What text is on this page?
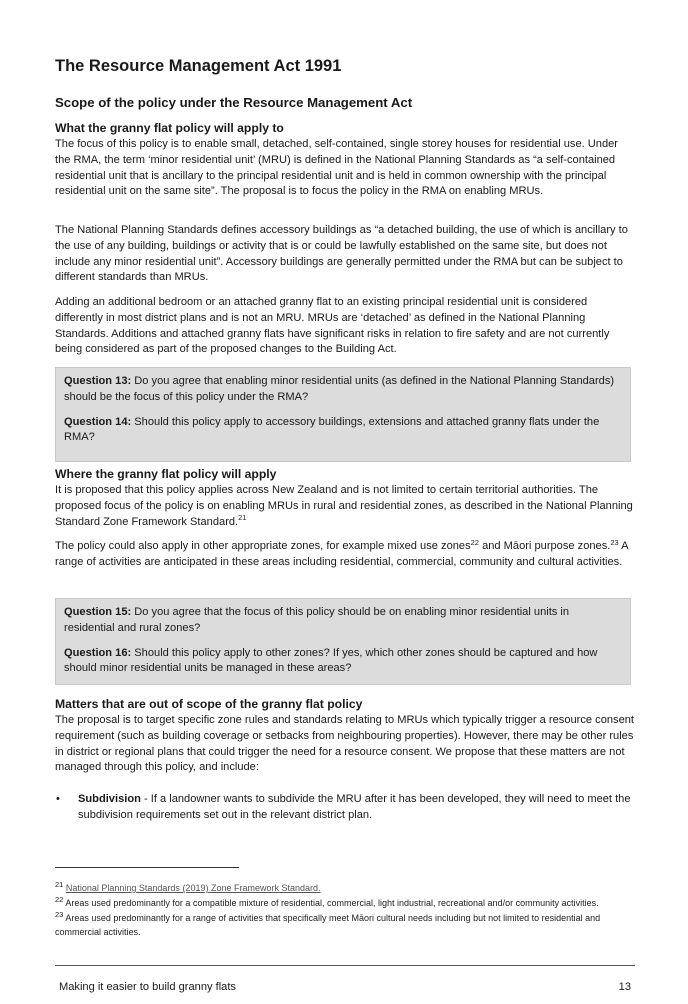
The Resource Management Act 1991
Scope of the policy under the Resource Management Act
What the granny flat policy will apply to

The focus of this policy is to enable small, detached, self-contained, single storey houses for residential use. Under the RMA, the term ‘minor residential unit’ (MRU) is defined in the National Planning Standards as “a self-contained residential unit that is ancillary to the principal residential unit and is held in common ownership with the principal residential unit on the same site”. The proposal is to focus the policy in the RMA on enabling MRUs.

The National Planning Standards defines accessory buildings as “a detached building, the use of which is ancillary to the use of any building, buildings or activity that is or could be lawfully established on the same site, but does not include any minor residential unit”. Accessory buildings are generally permitted under the RMA but can be subject to different standards than MRUs.

Adding an additional bedroom or an attached granny flat to an existing principal residential unit is considered differently in most district plans and is not an MRU. MRUs are ‘detached’ as defined in the National Planning Standards. Additions and attached granny flats have significant risks in relation to fire safety and are not currently being considered as part of the proposed changes to the Building Act.

Question 13: Do you agree that enabling minor residential units (as defined in the National Planning Standards) should be the focus of this policy under the RMA?

Question 14: Should this policy apply to accessory buildings, extensions and attached granny flats under the RMA?

Where the granny flat policy will apply

It is proposed that this policy applies across New Zealand and is not limited to certain territorial authorities. The proposed focus of the policy is on enabling MRUs in rural and residential zones, as described in the National Planning Standard Zone Framework Standard.$^{21}$

The policy could also apply in other appropriate zones, for example mixed use zones$^{22}$ and Māori purpose zones.$^{23}$ A range of activities are anticipated in these areas including residential, commercial, community and cultural activities.

Question 15: Do you agree that the focus of this policy should be on enabling minor residential units in residential and rural zones?

Question 16: Should this policy apply to other zones? If yes, which other zones should be captured and how should minor residential units be managed in these areas?

Matters that are out of scope of the granny flat policy

The proposal is to target specific zone rules and standards relating to MRUs which typically trigger a resource consent requirement (such as building coverage or setbacks from neighbouring properties). However, there may be other rules in district or regional plans that could trigger the need for a resource consent. We propose that these matters are not managed through this policy, and include:

• Subdivision - If a landowner wants to subdivide the MRU after it has been developed, they will need to meet the subdivision requirements set out in the relevant district plan.
$^{21}$ National Planning Standards (2019) Zone Framework Standard.
$^{22}$ Areas used predominantly for a compatible mixture of residential, commercial, light industrial, recreational and/or community activities.
$^{23}$ Areas used predominantly for a range of activities that specifically meet Māori cultural needs including but not limited to residential and commercial activities.
Making it easier to build granny flats	13
